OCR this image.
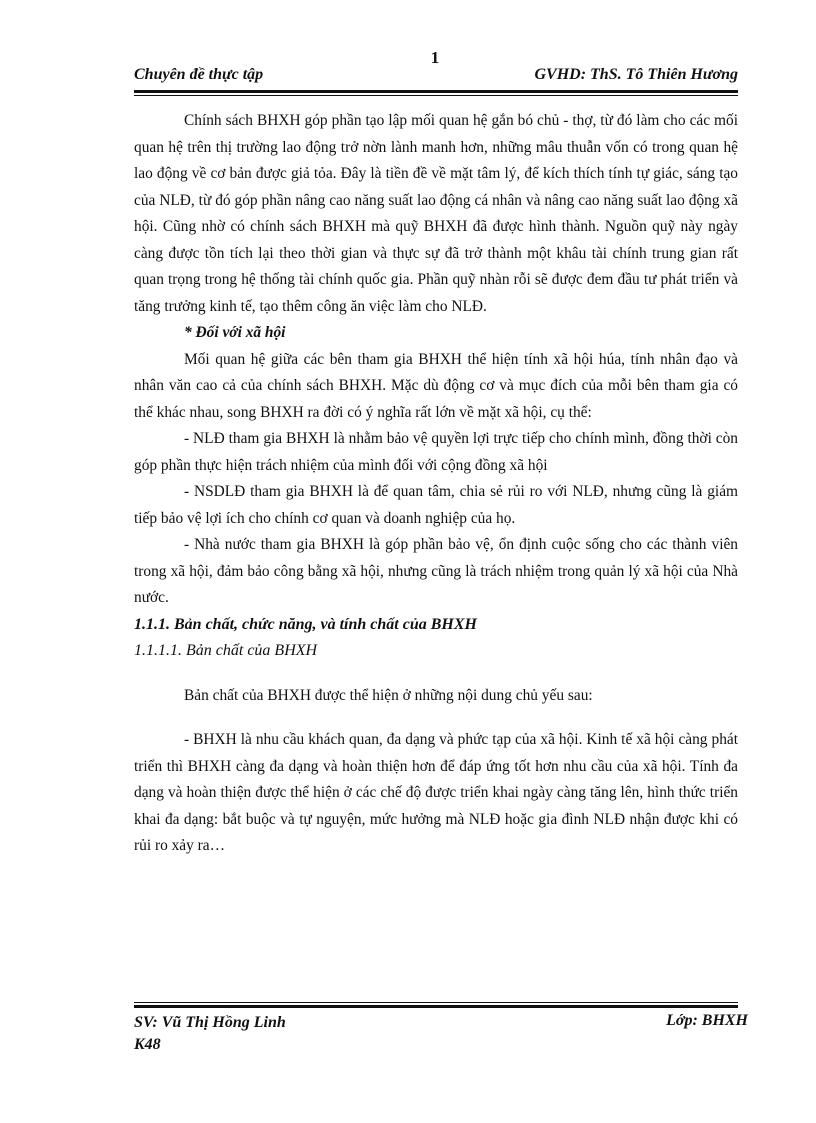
1
Chuyên đề thực tập	GVHD: ThS. Tô Thiên Hương

Chính sách BHXH góp phần tạo lập mối quan hệ gắn bó chủ - thợ, từ đó làm cho các mối quan hệ trên thị trường lao động trở nờn lành manh hơn, những mâu thuẫn vốn có trong quan hệ lao động về cơ bản được giả tỏa. Đây là tiền đề về mặt tâm lý, để kích thích tính tự giác, sáng tạo của NLĐ, từ đó góp phần nâng cao năng suất lao động cá nhân và nâng cao năng suất lao động xã hội. Cũng nhờ có chính sách BHXH mà quỹ BHXH đã được hình thành. Nguồn quỹ này ngày càng được tồn tích lại theo thời gian và thực sự đã trở thành một khâu tài chính trung gian rất quan trọng trong hệ thống tài chính quốc gia. Phần quỹ nhàn rỗi sẽ được đem đầu tư phát triển và tăng trưởng kinh tế, tạo thêm công ăn việc làm cho NLĐ.

* Đối với xã hội

Mối quan hệ giữa các bên tham gia BHXH thể hiện tính xã hội húa, tính nhân đạo và nhân văn cao cả của chính sách BHXH. Mặc dù động cơ và mục đích của mỗi bên tham gia có thể khác nhau, song BHXH ra đời có ý nghĩa rất lớn về mặt xã hội, cụ thể:

- NLĐ tham gia BHXH là nhằm bảo vệ quyền lợi trực tiếp cho chính mình, đồng thời còn góp phần thực hiện trách nhiệm của mình đối với cộng đồng xã hội

- NSDLĐ tham gia BHXH là để quan tâm, chia sẻ rủi ro với NLĐ, nhưng cũng là giám tiếp bảo vệ lợi ích cho chính cơ quan và doanh nghiệp của họ.

- Nhà nước tham gia BHXH là góp phần bảo vệ, ổn định cuộc sống cho các thành viên trong xã hội, đảm bảo công bằng xã hội, nhưng cũng là trách nhiệm trong quản lý xã hội của Nhà nước.

1.1.1. Bản chất, chức năng, và tính chất của BHXH

1.1.1.1. Bản chất của BHXH

Bản chất của BHXH được thể hiện ở những nội dung chủ yếu sau:

- BHXH là nhu cầu khách quan, đa dạng và phức tạp của xã hội. Kinh tế xã hội càng phát triển thì BHXH càng đa dạng và hoàn thiện hơn để đáp ứng tốt hơn nhu cầu của xã hội. Tính đa dạng và hoàn thiện được thể hiện ở các chế độ được triển khai ngày càng tăng lên, hình thức triển khai đa dạng: bắt buộc và tự nguyện, mức hưởng mà NLĐ hoặc gia đình NLĐ nhận được khi có rủi ro xảy ra…

SV: Vũ Thị Hồng Linh
K48
Lớp: BHXH
